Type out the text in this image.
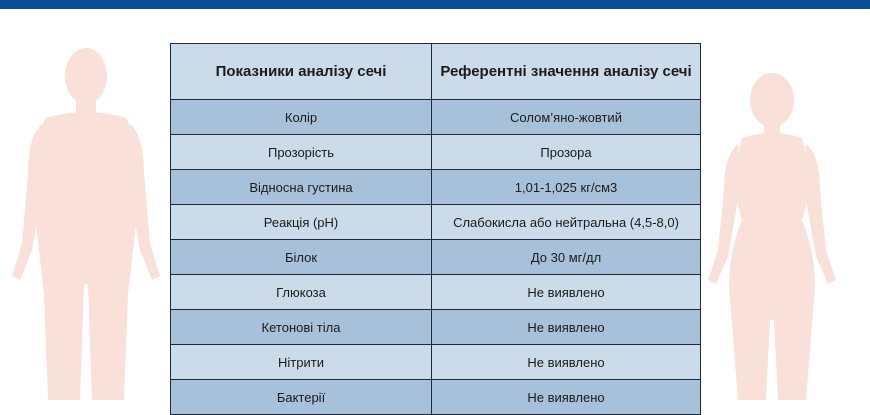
Показники аналізу сечі	Референтні значення аналізу сечі
Колір	Солом’яно-жовтий
Прозорість	Прозора
Відносна густина	1,01-1,025 кг/см3
Реакція (pH)	Слабокисла або нейтральна (4,5-8,0)
Білок	До 30 мг/дл
Глюкоза	Не виявлено
Кетонові тіла	Не виявлено
Нітрити	Не виявлено
Бактерії	Не виявлено
